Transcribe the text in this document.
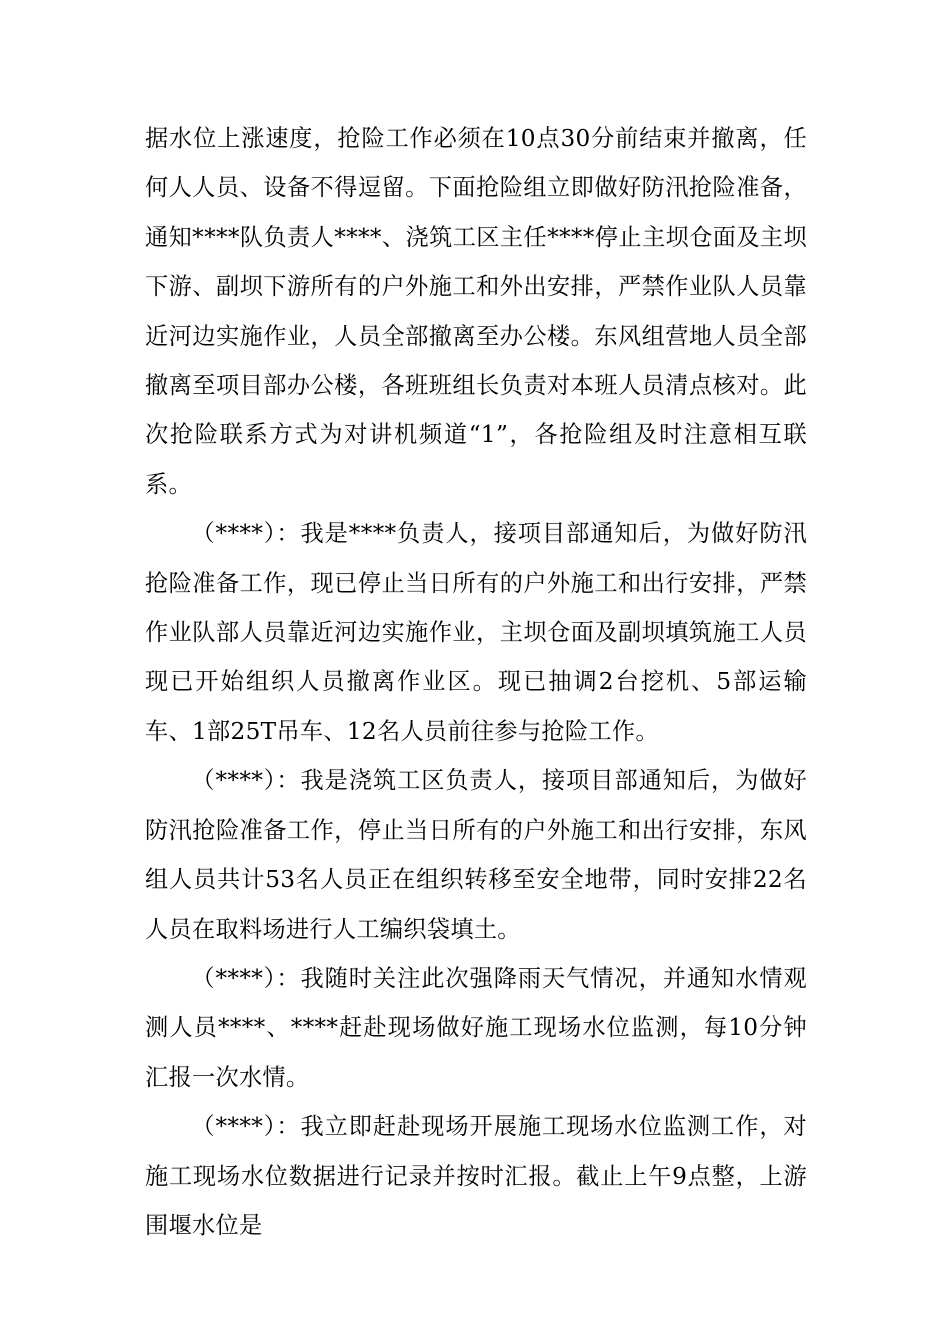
据水位上涨速度，抢险工作必须在10点30分前结束并撤离，任何人人员、设备不得逗留。下面抢险组立即做好防汛抢险准备，通知****队负责人****、浇筑工区主任****停止主坝仓面及主坝下游、副坝下游所有的户外施工和外出安排，严禁作业队人员靠近河边实施作业，人员全部撤离至办公楼。东风组营地人员全部撤离至项目部办公楼，各班班组长负责对本班人员清点核对。此次抢险联系方式为对讲机频道“1”，各抢险组及时注意相互联系。

（****）：我是****负责人，接项目部通知后，为做好防汛抢险准备工作，现已停止当日所有的户外施工和出行安排，严禁作业队部人员靠近河边实施作业，主坝仓面及副坝填筑施工人员现已开始组织人员撤离作业区。现已抽调2台挖机、5部运输车、1部25T吊车、12名人员前往参与抢险工作。

（****）：我是浇筑工区负责人，接项目部通知后，为做好防汛抢险准备工作，停止当日所有的户外施工和出行安排，东风组人员共计53名人员正在组织转移至安全地带，同时安排22名人员在取料场进行人工编织袋填土。

（****）：我随时关注此次强降雨天气情况，并通知水情观测人员****、****赶赴现场做好施工现场水位监测，每10分钟汇报一次水情。

（****）：我立即赶赴现场开展施工现场水位监测工作，对施工现场水位数据进行记录并按时汇报。截止上午9点整，上游围堰水位是
